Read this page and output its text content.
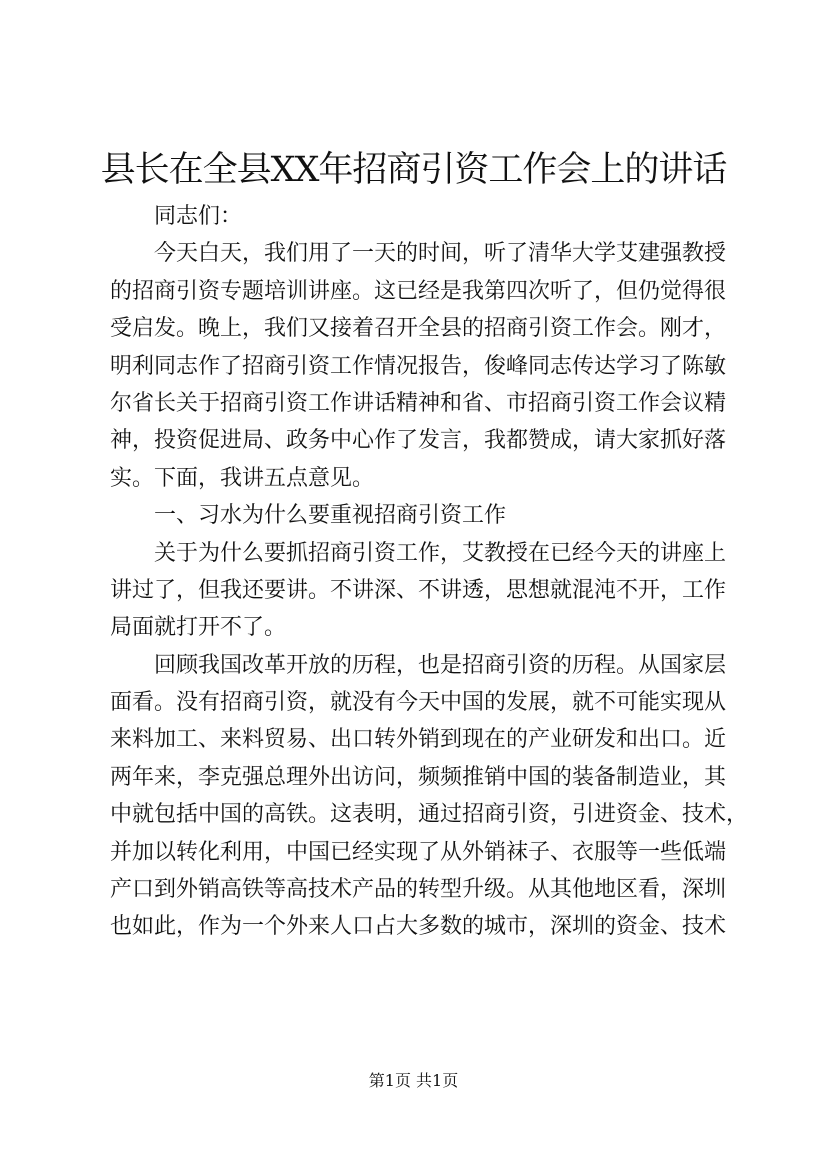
县长在全县XX年招商引资工作会上的讲话
同志们：
今天白天，我们用了一天的时间，听了清华大学艾建强教授
的招商引资专题培训讲座。这已经是我第四次听了，但仍觉得很
受启发。晚上，我们又接着召开全县的招商引资工作会。刚才，
明利同志作了招商引资工作情况报告，俊峰同志传达学习了陈敏
尔省长关于招商引资工作讲话精神和省、市招商引资工作会议精
神，投资促进局、政务中心作了发言，我都赞成，请大家抓好落
实。下面，我讲五点意见。
一、习水为什么要重视招商引资工作
关于为什么要抓招商引资工作，艾教授在已经今天的讲座上
讲过了，但我还要讲。不讲深、不讲透，思想就混沌不开，工作
局面就打开不了。
回顾我国改革开放的历程，也是招商引资的历程。从国家层
面看。没有招商引资，就没有今天中国的发展，就不可能实现从
来料加工、来料贸易、出口转外销到现在的产业研发和出口。近
两年来，李克强总理外出访问，频频推销中国的装备制造业，其
中就包括中国的高铁。这表明，通过招商引资，引进资金、技术，
并加以转化利用，中国已经实现了从外销袜子、衣服等一些低端
产口到外销高铁等高技术产品的转型升级。从其他地区看，深圳
也如此，作为一个外来人口占大多数的城市，深圳的资金、技术
第1页 共1页
